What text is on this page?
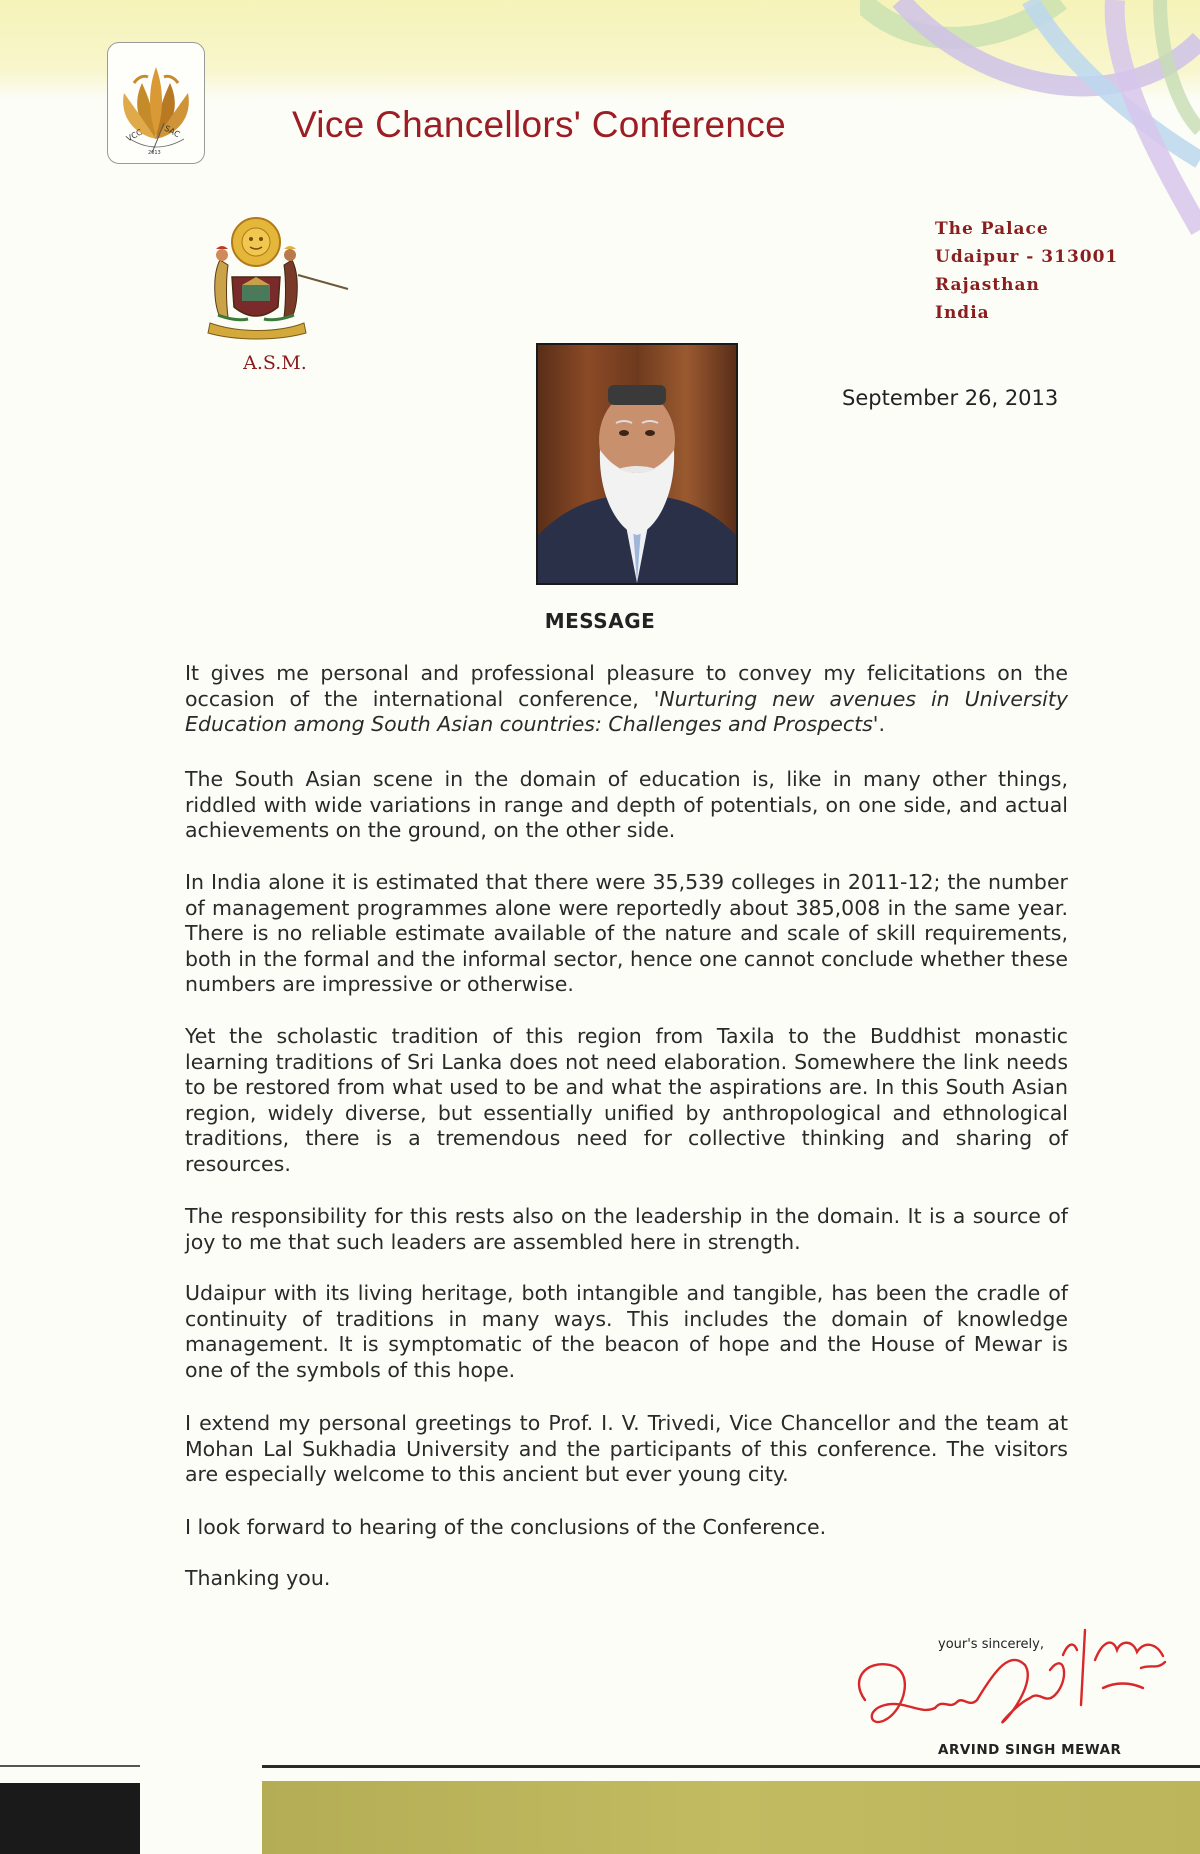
VCC SAC
2013
Vice Chancellors' Conference
A.S.M.
The Palace
Udaipur - 313001
Rajasthan
India
September 26, 2013
MESSAGE

It gives me personal and professional pleasure to convey my felicitations on the occasion of the international conference, 'Nurturing new avenues in University Education among South Asian countries: Challenges and Prospects'.

The South Asian scene in the domain of education is, like in many other things, riddled with wide variations in range and depth of potentials, on one side, and actual achievements on the ground, on the other side.

In India alone it is estimated that there were 35,539 colleges in 2011-12; the number of management programmes alone were reportedly about 385,008 in the same year. There is no reliable estimate available of the nature and scale of skill requirements, both in the formal and the informal sector, hence one cannot conclude whether these numbers are impressive or otherwise.

Yet the scholastic tradition of this region from Taxila to the Buddhist monastic learning traditions of Sri Lanka does not need elaboration. Somewhere the link needs to be restored from what used to be and what the aspirations are. In this South Asian region, widely diverse, but essentially unified by anthropological and ethnological traditions, there is a tremendous need for collective thinking and sharing of resources.

The responsibility for this rests also on the leadership in the domain. It is a source of joy to me that such leaders are assembled here in strength.

Udaipur with its living heritage, both intangible and tangible, has been the cradle of continuity of traditions in many ways. This includes the domain of knowledge management. It is symptomatic of the beacon of hope and the House of Mewar is one of the symbols of this hope.

I extend my personal greetings to Prof. I. V. Trivedi, Vice Chancellor and the team at Mohan Lal Sukhadia University and the participants of this conference. The visitors are especially welcome to this ancient but ever young city.

I look forward to hearing of the conclusions of the Conference.

Thanking you.

your's sincerely,
ARVIND SINGH MEWAR
